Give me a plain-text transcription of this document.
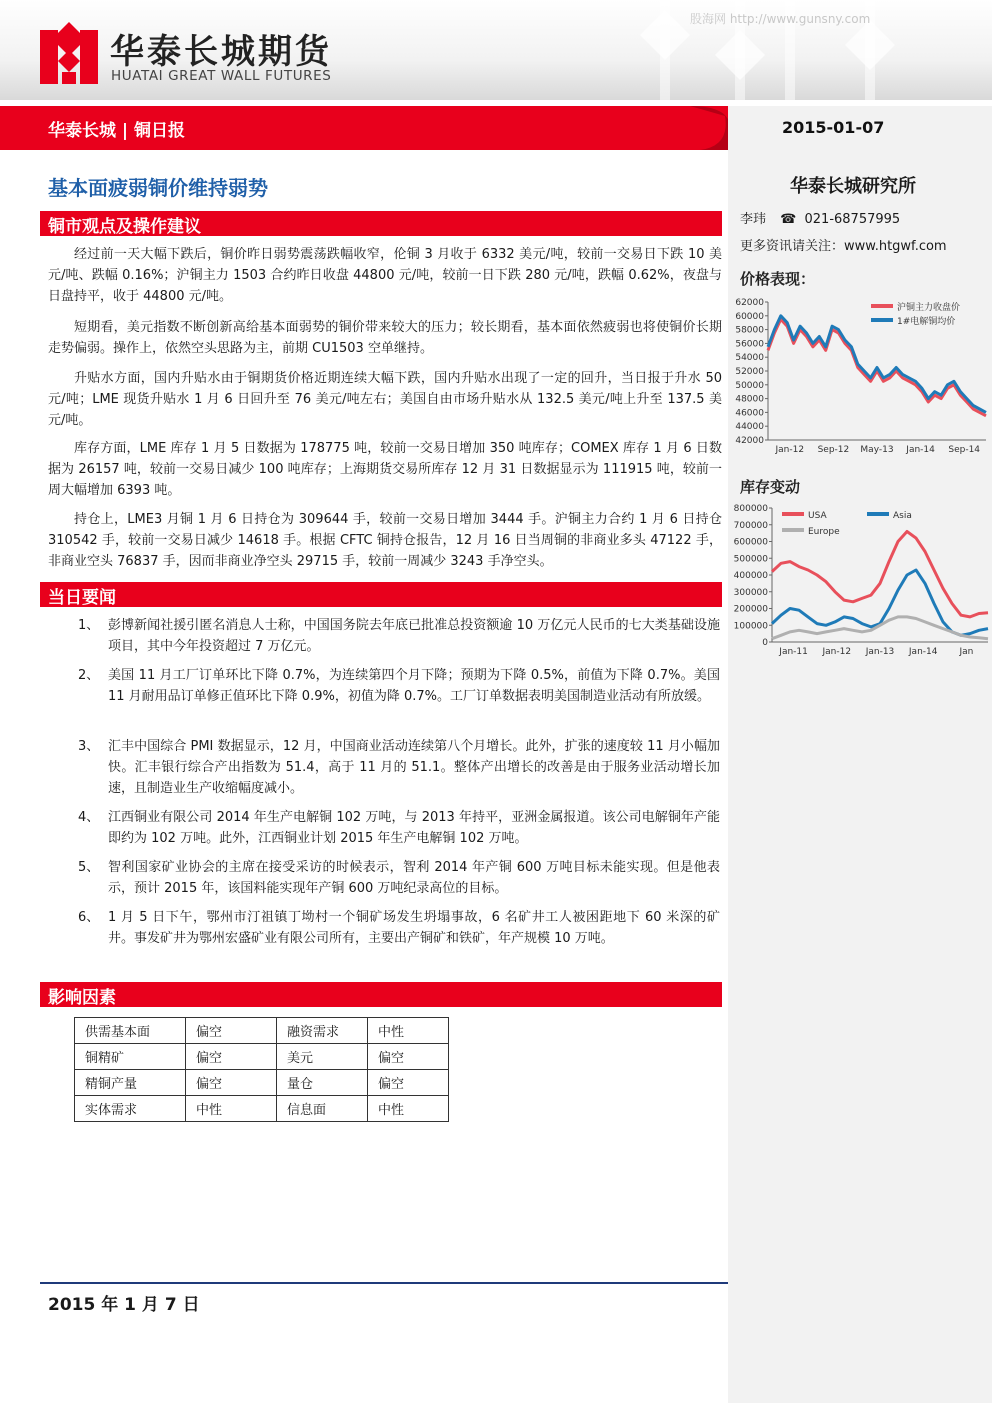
华泰长城期货
HUATAI GREAT WALL FUTURES
股海网 http://www.gunsny.com
华泰长城 | 铜日报	2015-01-07
华泰长城研究所
李玮 ☎ 021-68757995
更多资讯请关注：www.htgwf.com
价格表现：
42000
44000
46000
48000
50000
52000
54000
56000
58000
60000
62000
Jan-12 Sep-12 May-13 Jan-14 Sep-14
沪铜主力收盘价
1#电解铜均价
库存变动
0
100000
200000
300000
400000
500000
600000
700000
800000
Jan-11 Jan-12 Jan-13 Jan-14 Jan
USA	Asia
Europe
基本面疲弱铜价维持弱势
铜市观点及操作建议
经过前一天大幅下跌后，铜价昨日弱势震荡跌幅收窄，伦铜 3 月收于 6332 美元/吨，较前一交易日下跌 10 美元/吨、跌幅 0.16%；沪铜主力 1503 合约昨日收盘 44800 元/吨，较前一日下跌 280 元/吨，跌幅 0.62%，夜盘与日盘持平，收于 44800 元/吨。
短期看，美元指数不断创新高给基本面弱势的铜价带来较大的压力；较长期看，基本面依然疲弱也将使铜价长期走势偏弱。操作上，依然空头思路为主，前期 CU1503 空单继持。
升贴水方面，国内升贴水由于铜期货价格近期连续大幅下跌，国内升贴水出现了一定的回升，当日报于升水 50 元/吨；LME 现货升贴水 1 月 6 日回升至 76 美元/吨左右；美国自由市场升贴水从 132.5 美元/吨上升至 137.5 美元/吨。
库存方面，LME 库存 1 月 5 日数据为 178775 吨，较前一交易日增加 350 吨库存；COMEX 库存 1 月 6 日数据为 26157 吨，较前一交易日减少 100 吨库存；上海期货交易所库存 12 月 31 日数据显示为 111915 吨，较前一周大幅增加 6393 吨。
持仓上，LME3 月铜 1 月 6 日持仓为 309644 手，较前一交易日增加 3444 手。沪铜主力合约 1 月 6 日持仓 310542 手，较前一交易日减少 14618 手。根据 CFTC 铜持仓报告，12 月 16 日当周铜的非商业多头 47122 手，非商业空头 76837 手，因而非商业净空头 29715 手，较前一周减少 3243 手净空头。
当日要闻
1、 彭博新闻社援引匿名消息人士称，中国国务院去年底已批准总投资额逾 10 万亿元人民币的七大类基础设施项目，其中今年投资超过 7 万亿元。
2、 美国 11 月工厂订单环比下降 0.7%，为连续第四个月下降；预期为下降 0.5%，前值为下降 0.7%。美国 11 月耐用品订单修正值环比下降 0.9%，初值为降 0.7%。工厂订单数据表明美国制造业活动有所放缓。
3、 汇丰中国综合 PMI 数据显示，12 月，中国商业活动连续第八个月增长。此外，扩张的速度较 11 月小幅加快。汇丰银行综合产出指数为 51.4，高于 11 月的 51.1。整体产出增长的改善是由于服务业活动增长加速，且制造业生产收缩幅度减小。
4、 江西铜业有限公司 2014 年生产电解铜 102 万吨，与 2013 年持平，亚洲金属报道。该公司电解铜年产能即约为 102 万吨。此外，江西铜业计划 2015 年生产电解铜 102 万吨。
5、 智利国家矿业协会的主席在接受采访的时候表示，智利 2014 年产铜 600 万吨目标未能实现。但是他表示，预计 2015 年，该国料能实现年产铜 600 万吨纪录高位的目标。
6、 1 月 5 日下午，鄂州市汀祖镇丁坳村一个铜矿场发生坍塌事故，6 名矿井工人被困距地下 60 米深的矿井。事发矿井为鄂州宏盛矿业有限公司所有，主要出产铜矿和铁矿，年产规模 10 万吨。
影响因素
供需基本面	偏空	融资需求	中性
铜精矿	偏空	美元	偏空
精铜产量	偏空	量仓	偏空
实体需求	中性	信息面	中性
2015 年 1 月 7 日
